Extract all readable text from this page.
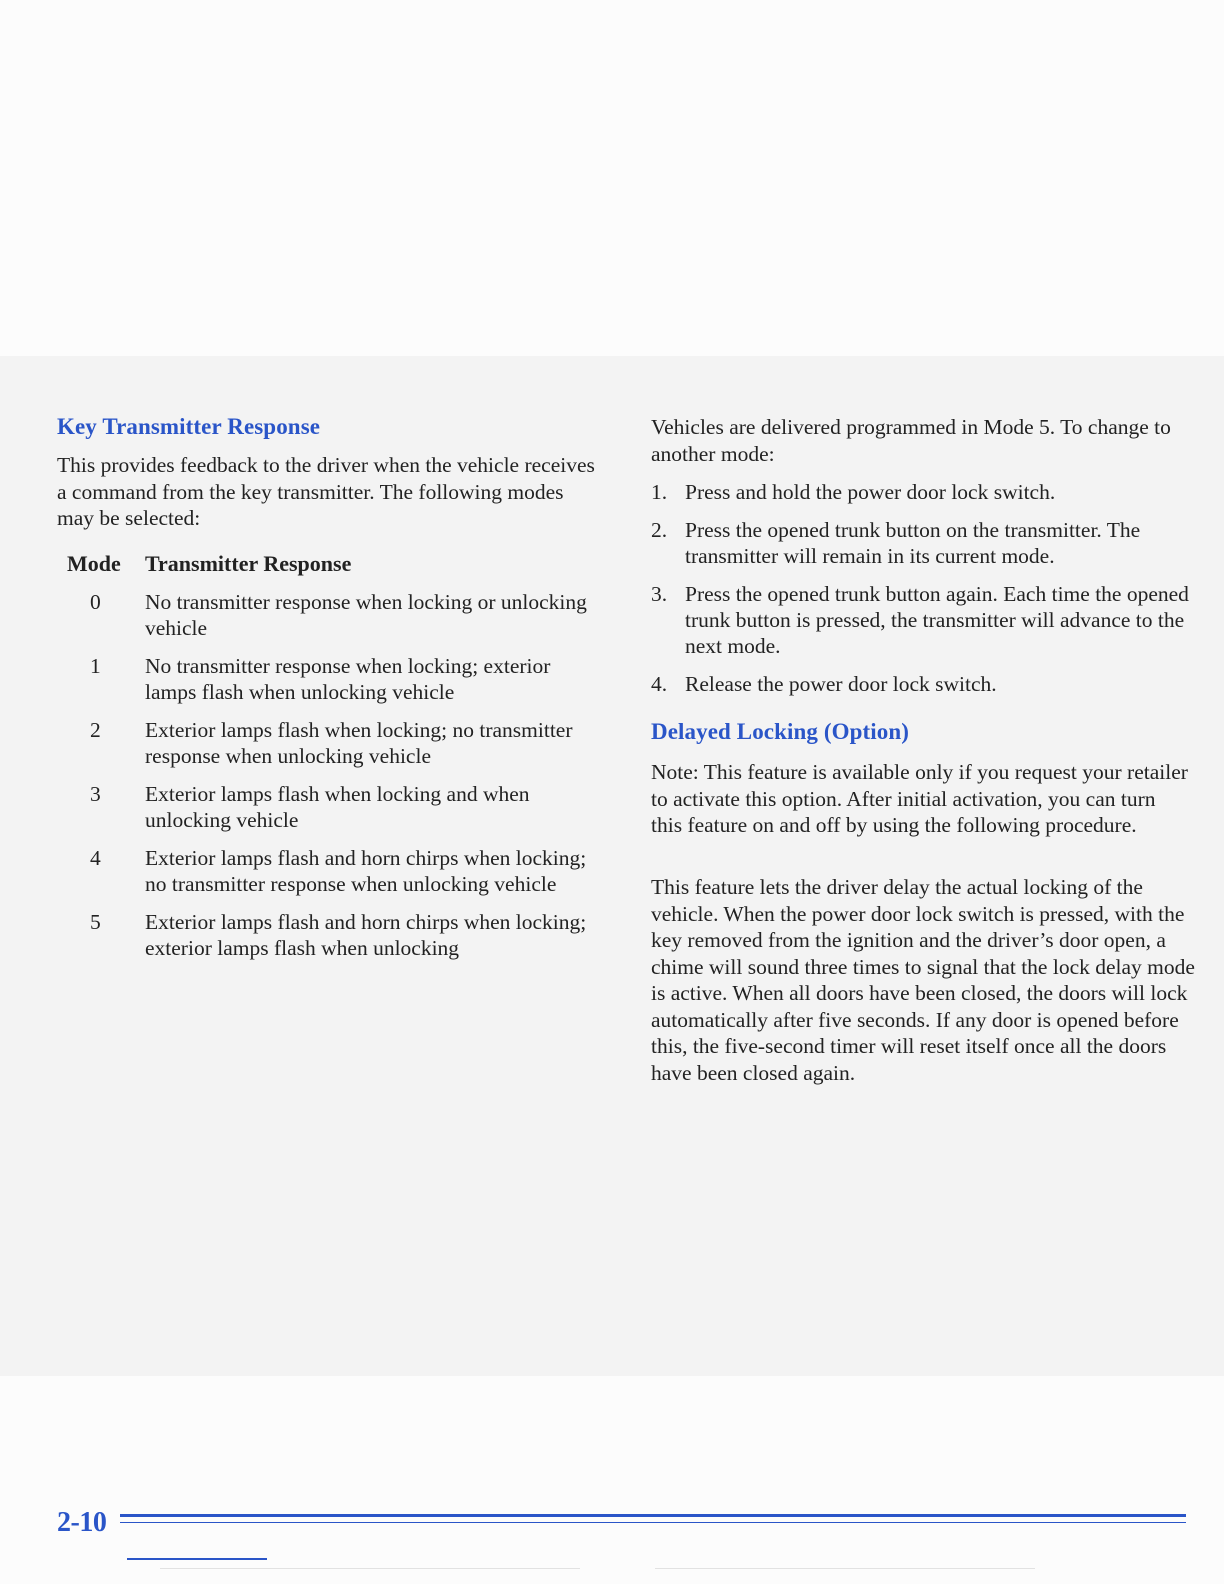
Key Transmitter Response

This provides feedback to the driver when the vehicle receives a command from the key transmitter. The following modes may be selected:

Mode	Transmitter Response
0	No transmitter response when locking or unlocking vehicle
1	No transmitter response when locking; exterior lamps flash when unlocking vehicle
2	Exterior lamps flash when locking; no transmitter response when unlocking vehicle
3	Exterior lamps flash when locking and when unlocking vehicle
4	Exterior lamps flash and horn chirps when locking; no transmitter response when unlocking vehicle
5	Exterior lamps flash and horn chirps when locking; exterior lamps flash when unlocking

Vehicles are delivered programmed in Mode 5. To change to another mode:

1. Press and hold the power door lock switch.
2. Press the opened trunk button on the transmitter. The transmitter will remain in its current mode.
3. Press the opened trunk button again. Each time the opened trunk button is pressed, the transmitter will advance to the next mode.
4. Release the power door lock switch.
Delayed Locking (Option)

Note: This feature is available only if you request your retailer to activate this option. After initial activation, you can turn this feature on and off by using the following procedure.

This feature lets the driver delay the actual locking of the vehicle. When the power door lock switch is pressed, with the key removed from the ignition and the driver’s door open, a chime will sound three times to signal that the lock delay mode is active. When all doors have been closed, the doors will lock automatically after five seconds. If any door is opened before this, the five-second timer will reset itself once all the doors have been closed again.

2-10
